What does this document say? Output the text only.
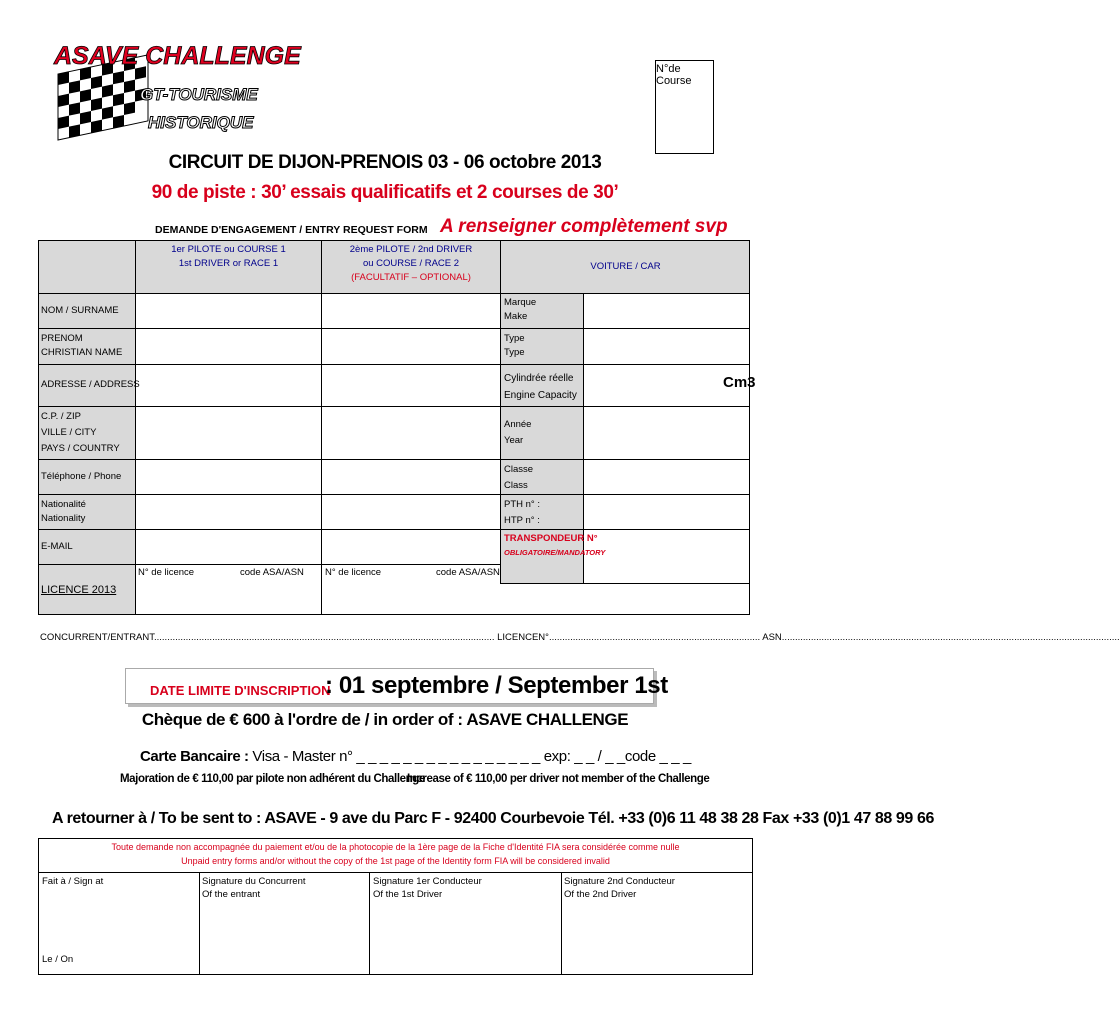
ASAVE CHALLENGE
GT-TOURISME
HISTORIQUE
N°de Course
CIRCUIT DE DIJON-PRENOIS 03 - 06 octobre 2013
90 de piste : 30’ essais qualificatifs et 2 courses de 30’
DEMANDE D'ENGAGEMENT / ENTRY REQUEST FORM A renseigner complètement svp
1er PILOTE ou COURSE 1
1st DRIVER or RACE 1
2ème PILOTE / 2nd DRIVER
ou COURSE / RACE 2
(FACULTATIF – OPTIONAL)
VOITURE / CAR
NOM / SURNAME
PRENOM
CHRISTIAN NAME
ADRESSE / ADDRESS
C.P. / ZIP
VILLE / CITY
PAYS / COUNTRY
Téléphone / Phone
Nationalité
Nationality
E-MAIL
LICENCE 2013
N° de licence	code ASA/ASN N° de licence	code ASA/ASN
Marque
Make
Type
Type
Cylindrée réelle
Engine Capacity
Cm3
Année
Year
Classe
Class
PTH n° :
HTP n° :
TRANSPONDEUR N°
OBLIGATOIRE/MANDATORY
CONCURRENT/ENTRANT................................................................................................................................. LICENCEN°................................................................................ ASN................................................................................................................................
DATE LIMITE D'INSCRIPTION
: 01 septembre / September 1st
Chèque de € 600 à l'ordre de / in order of : ASAVE CHALLENGE
Carte Bancaire : Visa - Master n° _ _ _ _ _ _ _ _ _ _ _ _ _ _ _ _ exp: _ _ / _ _code _ _ _
Majoration de € 110,00 par pilote non adhérent du Challenge
Increase of € 110,00 per driver not member of the Challenge
A retourner à / To be sent to : ASAVE - 9 ave du Parc F - 92400 Courbevoie Tél. +33 (0)6 11 48 38 28 Fax +33 (0)1 47 88 99 66
Toute demande non accompagnée du paiement et/ou de la photocopie de la 1ère page de la Fiche d'Identité FIA sera considérée comme nulle
Unpaid entry forms and/or without the copy of the 1st page of the Identity form FIA will be considered invalid
Fait à / Sign at
Le / On
Signature du Concurrent
Of the entrant
Signature 1er Conducteur
Of the 1st Driver
Signature 2nd Conducteur
Of the 2nd Driver
